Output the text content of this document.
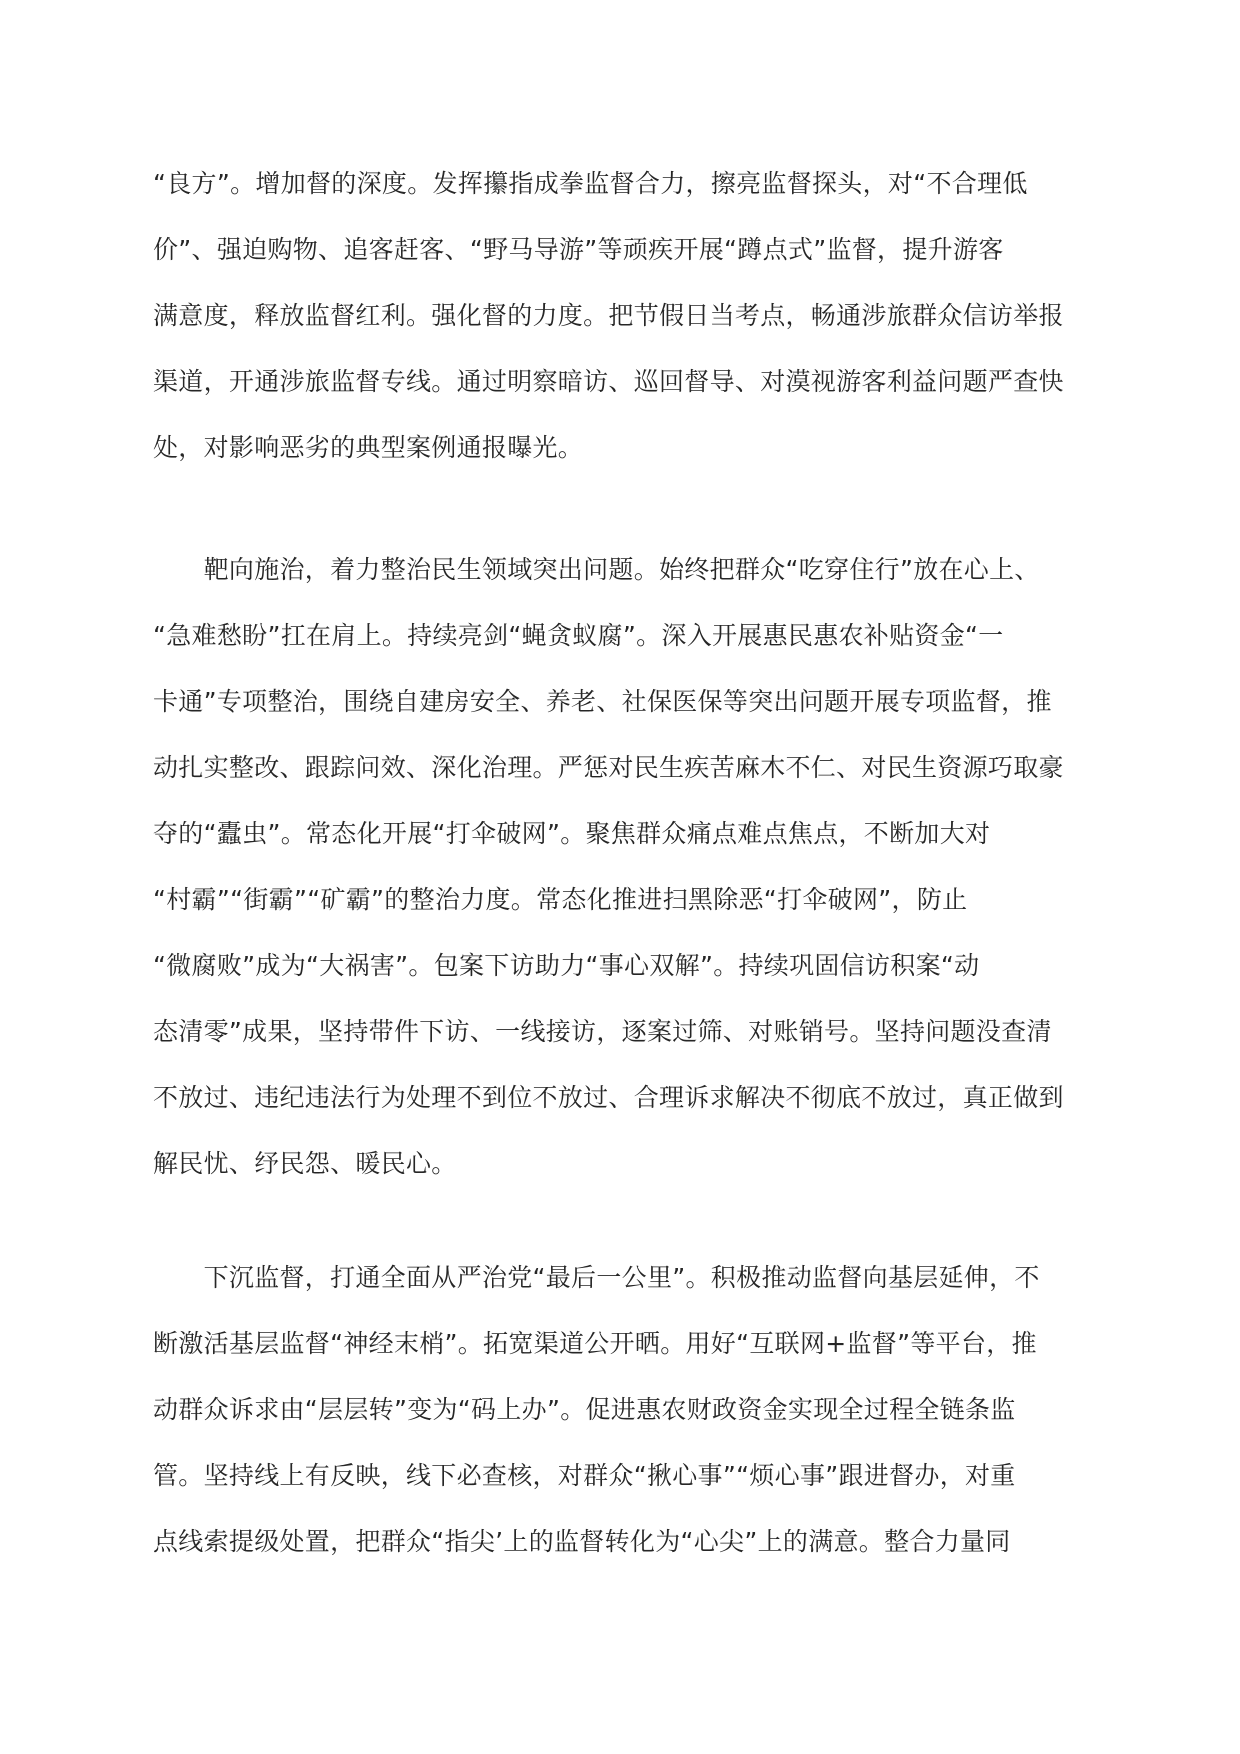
“良方”。增加督的深度。发挥攥指成拳监督合力，擦亮监督探头，对“不合理低
价”、强迫购物、追客赶客、“野马导游”等顽疾开展“蹲点式”监督，提升游客
满意度，释放监督红利。强化督的力度。把节假日当考点，畅通涉旅群众信访举报
渠道，开通涉旅监督专线。通过明察暗访、巡回督导、对漠视游客利益问题严查快
处，对影响恶劣的典型案例通报曝光。
　　靶向施治，着力整治民生领域突出问题。始终把群众“吃穿住行”放在心上、
“急难愁盼”扛在肩上。持续亮剑“蝇贪蚁腐”。深入开展惠民惠农补贴资金“一
卡通”专项整治，围绕自建房安全、养老、社保医保等突出问题开展专项监督，推
动扎实整改、跟踪问效、深化治理。严惩对民生疾苦麻木不仁、对民生资源巧取豪
夺的“蠹虫”。常态化开展“打伞破网”。聚焦群众痛点难点焦点，不断加大对
“村霸”“街霸”“矿霸”的整治力度。常态化推进扫黑除恶“打伞破网”，防止
“微腐败”成为“大祸害”。包案下访助力“事心双解”。持续巩固信访积案“动
态清零”成果，坚持带件下访、一线接访，逐案过筛、对账销号。坚持问题没查清
不放过、违纪违法行为处理不到位不放过、合理诉求解决不彻底不放过，真正做到
解民忧、纾民怨、暖民心。
　　下沉监督，打通全面从严治党“最后一公里”。积极推动监督向基层延伸，不
断激活基层监督“神经末梢”。拓宽渠道公开晒。用好“互联网+监督”等平台，推
动群众诉求由“层层转”变为“码上办”。促进惠农财政资金实现全过程全链条监
管。坚持线上有反映，线下必查核，对群众“揪心事”“烦心事”跟进督办，对重
点线索提级处置，把群众“指尖’上的监督转化为“心尖”上的满意。整合力量同
